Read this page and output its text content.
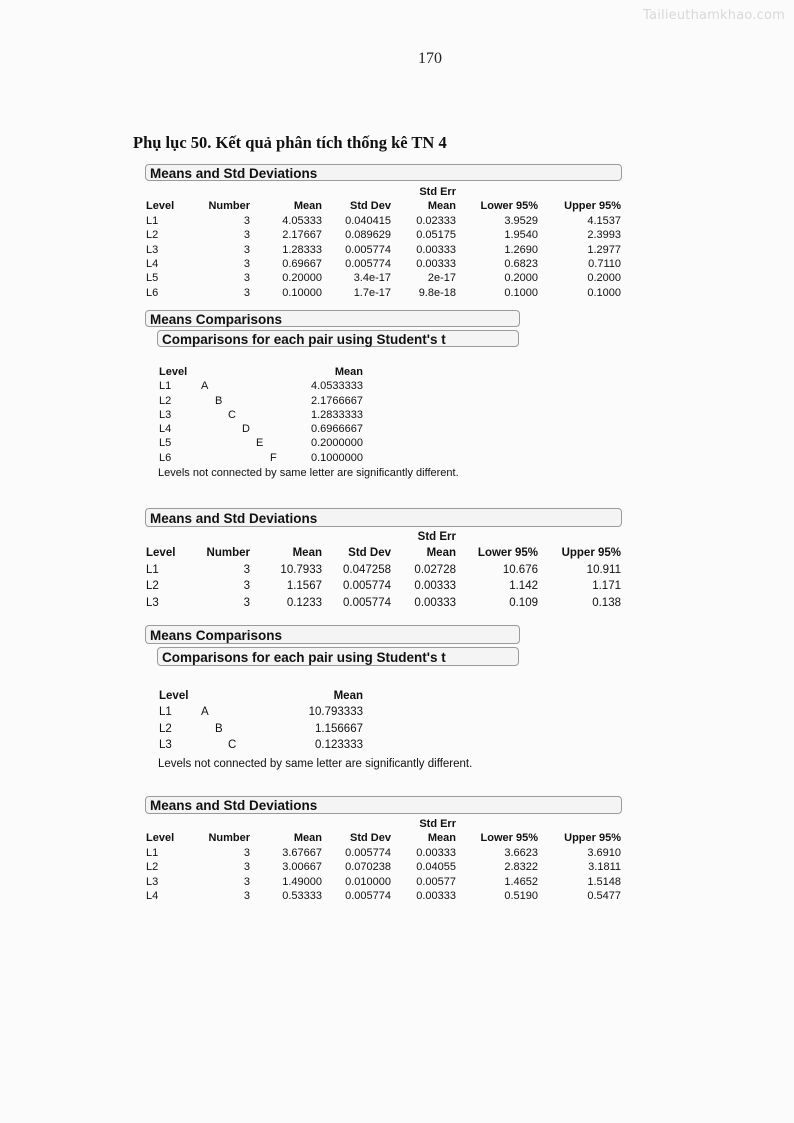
Tailieuthamkhao.com
170
Phụ lục 50. Kết quả phân tích thống kê TN 4
Means and Std Deviations
				Std Err		
Level	Number	Mean	Std Dev	Mean	Lower 95%	Upper 95%
L1	3	4.05333	0.040415	0.02333	3.9529	4.1537
L2	3	2.17667	0.089629	0.05175	1.9540	2.3993
L3	3	1.28333	0.005774	0.00333	1.2690	1.2977
L4	3	0.69667	0.005774	0.00333	0.6823	0.7110
L5	3	0.20000	3.4e-17	2e-17	0.2000	0.2000
L6	3	0.10000	1.7e-17	9.8e-18	0.1000	0.1000
Means Comparisons
Comparisons for each pair using Student's t
Level	Mean
L1	A	4.0533333
L2	B	2.1766667
L3	C	1.2833333
L4	D	0.6966667
L5	E	0.2000000
L6	F	0.1000000
Levels not connected by same letter are significantly different.
Means and Std Deviations
				Std Err		
Level	Number	Mean	Std Dev	Mean	Lower 95%	Upper 95%
L1	3	10.7933	0.047258	0.02728	10.676	10.911
L2	3	1.1567	0.005774	0.00333	1.142	1.171
L3	3	0.1233	0.005774	0.00333	0.109	0.138
Means Comparisons
Comparisons for each pair using Student's t
Level	Mean
L1	A	10.793333
L2	B	1.156667
L3	C	0.123333
Levels not connected by same letter are significantly different.
Means and Std Deviations
				Std Err		
Level	Number	Mean	Std Dev	Mean	Lower 95%	Upper 95%
L1	3	3.67667	0.005774	0.00333	3.6623	3.6910
L2	3	3.00667	0.070238	0.04055	2.8322	3.1811
L3	3	1.49000	0.010000	0.00577	1.4652	1.5148
L4	3	0.53333	0.005774	0.00333	0.5190	0.5477
